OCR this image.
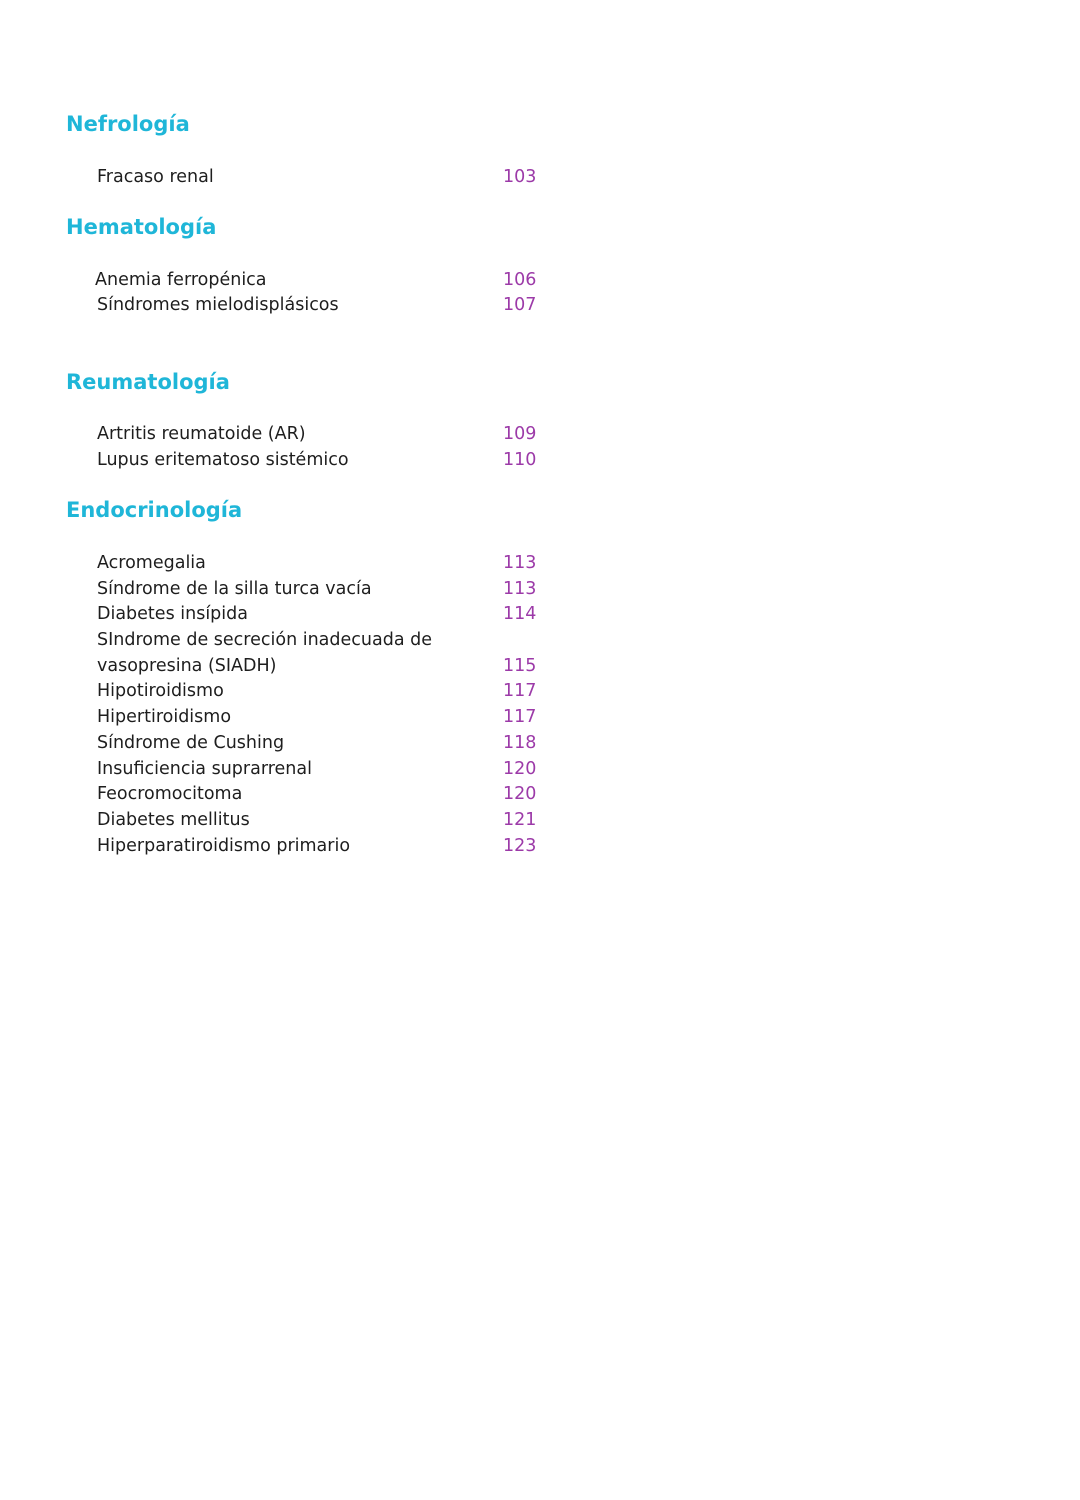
Nefrología
Fracaso renal	103
Hematología
Anemia ferropénica	106
Síndromes mielodisplásicos	107
Reumatología
Artritis reumatoide (AR)	109
Lupus eritematoso sistémico	110
Endocrinología
Acromegalia	113
Síndrome de la silla turca vacía	113
Diabetes insípida	114
SIndrome de secreción inadecuada de
vasopresina (SIADH)	115
Hipotiroidismo	117
Hipertiroidismo	117
Síndrome de Cushing	118
Insuficiencia suprarrenal	120
Feocromocitoma	120
Diabetes mellitus	121
Hiperparatiroidismo primario	123
